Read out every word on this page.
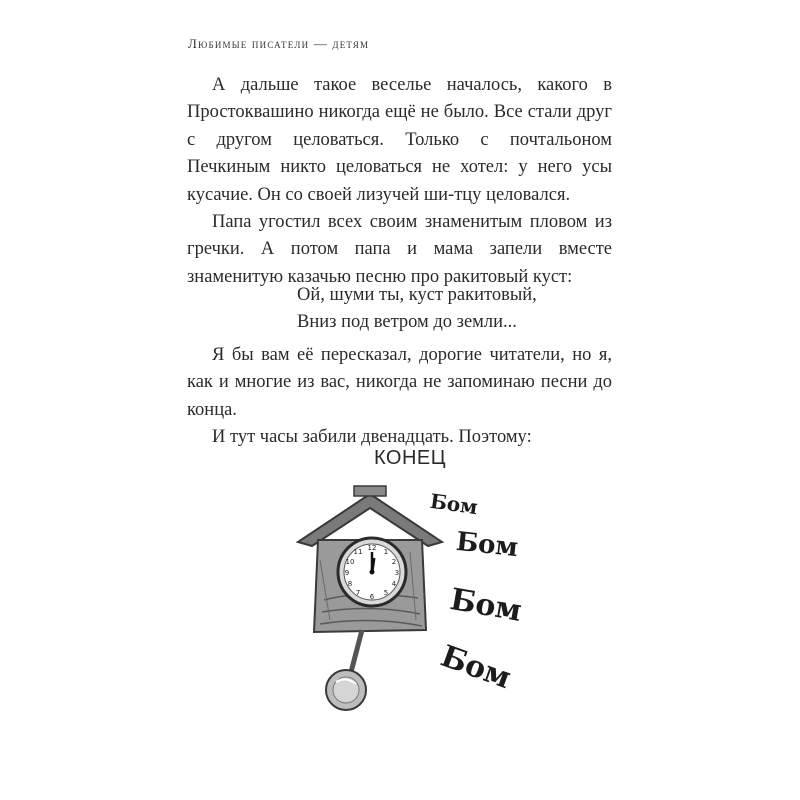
Любимые писатели — детям

А дальше такое веселье началось, какого в Простоквашино никогда ещё не было. Все стали друг с другом целоваться. Только с почтальоном Печкиным никто целоваться не хотел: у него усы кусачие. Он со своей лизучей ши-тцу целовался.

Папа угостил всех своим знаменитым пловом из гречки. А потом папа и мама запели вместе знаменитую казачью песню про ракитовый куст:

Ой, шуми ты, куст ракитовый,
Вниз под ветром до земли...

Я бы вам её пересказал, дорогие читатели, но я, как и многие из вас, никогда не запоминаю песни до конца.

И тут часы забили двенадцать. Поэтому:

КОНЕЦ
12 1
2
3
4
5
6
7
8
9
10
11
Бом
Бом
Бом
Бом
